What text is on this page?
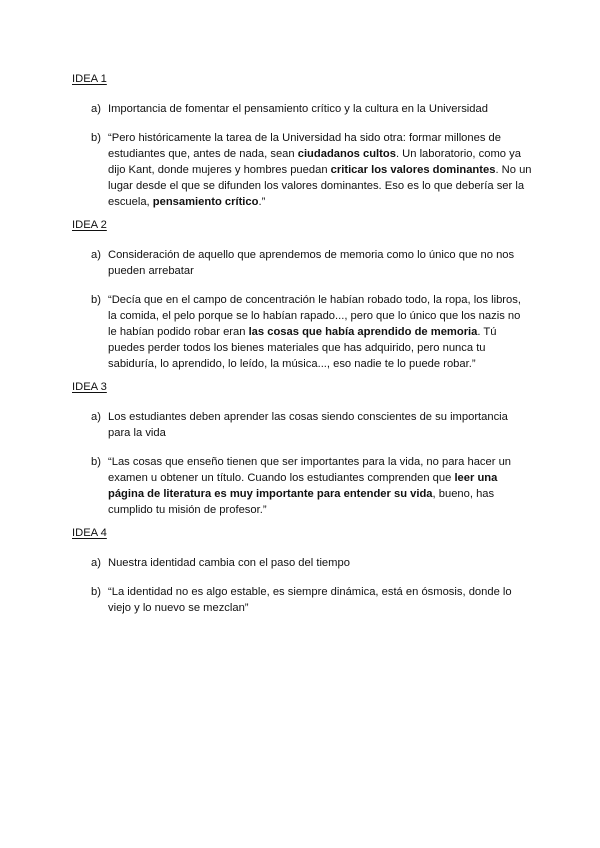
IDEA 1
a) Importancia de fomentar el pensamiento crítico y la cultura en la Universidad
b) “Pero históricamente la tarea de la Universidad ha sido otra: formar millones de estudiantes que, antes de nada, sean ciudadanos cultos. Un laboratorio, como ya dijo Kant, donde mujeres y hombres puedan criticar los valores dominantes. No un lugar desde el que se difunden los valores dominantes. Eso es lo que debería ser la escuela, pensamiento crítico.”
IDEA 2
a) Consideración de aquello que aprendemos de memoria como lo único que no nos pueden arrebatar
b) “Decía que en el campo de concentración le habían robado todo, la ropa, los libros, la comida, el pelo porque se lo habían rapado..., pero que lo único que los nazis no le habían podido robar eran las cosas que había aprendido de memoria. Tú puedes perder todos los bienes materiales que has adquirido, pero nunca tu sabiduría, lo aprendido, lo leído, la música..., eso nadie te lo puede robar.”
IDEA 3
a) Los estudiantes deben aprender las cosas siendo conscientes de su importancia para la vida
b) “Las cosas que enseño tienen que ser importantes para la vida, no para hacer un examen u obtener un título. Cuando los estudiantes comprenden que leer una página de literatura es muy importante para entender su vida, bueno, has cumplido tu misión de profesor.”
IDEA 4
a) Nuestra identidad cambia con el paso del tiempo
b) “La identidad no es algo estable, es siempre dinámica, está en ósmosis, donde lo viejo y lo nuevo se mezclan”
